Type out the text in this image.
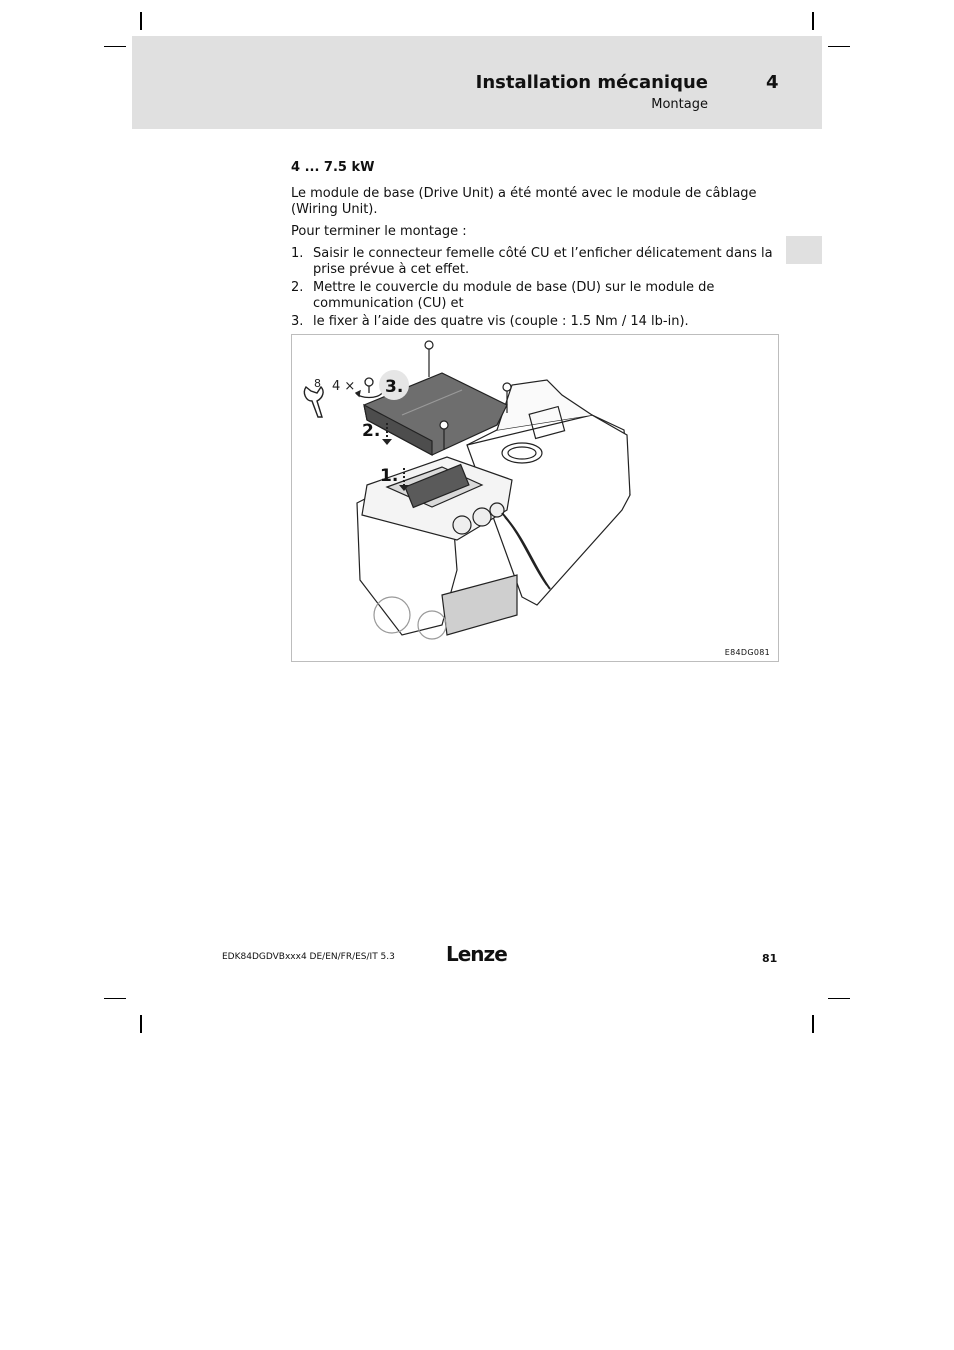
Installation mécanique
Montage
4

4 ... 7.5 kW

Le module de base (Drive Unit) a été monté avec le module de câblage (Wiring Unit).

Pour terminer le montage :

1. Saisir le connecteur femelle côté CU et l’enficher délicatement dans la prise prévue à cet effet.
2. Mettre le couvercle du module de base (DU) sur le module de communication (CU) et
3. le fixer à l’aide des quatre vis (couple : 1.5 Nm / 14 lb-in).
8 4 × 3.
2.
1.
E84DG081
EDK84DGDVBxxx4 DE/EN/FR/ES/IT 5.3	Lenze	81
